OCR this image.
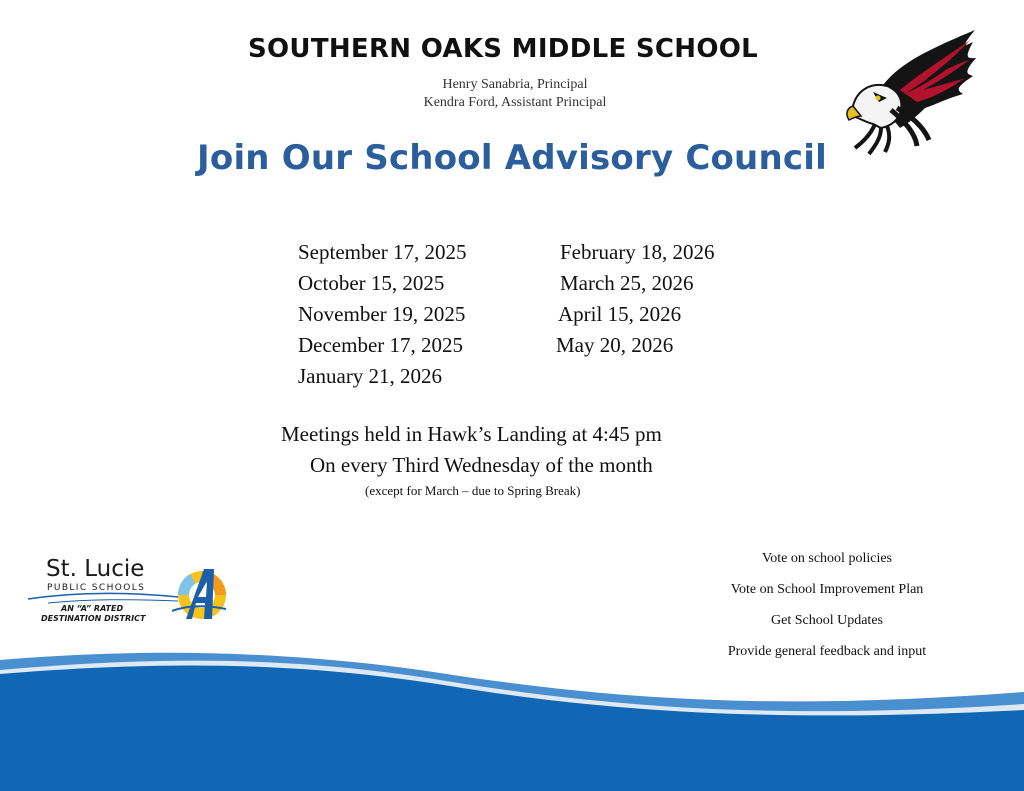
SOUTHERN OAKS MIDDLE SCHOOL
Henry Sanabria, Principal
Kendra Ford, Assistant Principal
Join Our School Advisory Council
September 17, 2025
October 15, 2025
November 19, 2025
December 17, 2025
January 21, 2026
February 18, 2026
March 25, 2026
April 15, 2026
May 20, 2026
Meetings held in Hawk’s Landing at 4:45 pm
On every Third Wednesday of the month
(except for March – due to Spring Break)
St. Lucie
PUBLIC SCHOOLS
AN “A” RATED
DESTINATION DISTRICT
Vote on school policies
Vote on School Improvement Plan
Get School Updates
Provide general feedback and input
